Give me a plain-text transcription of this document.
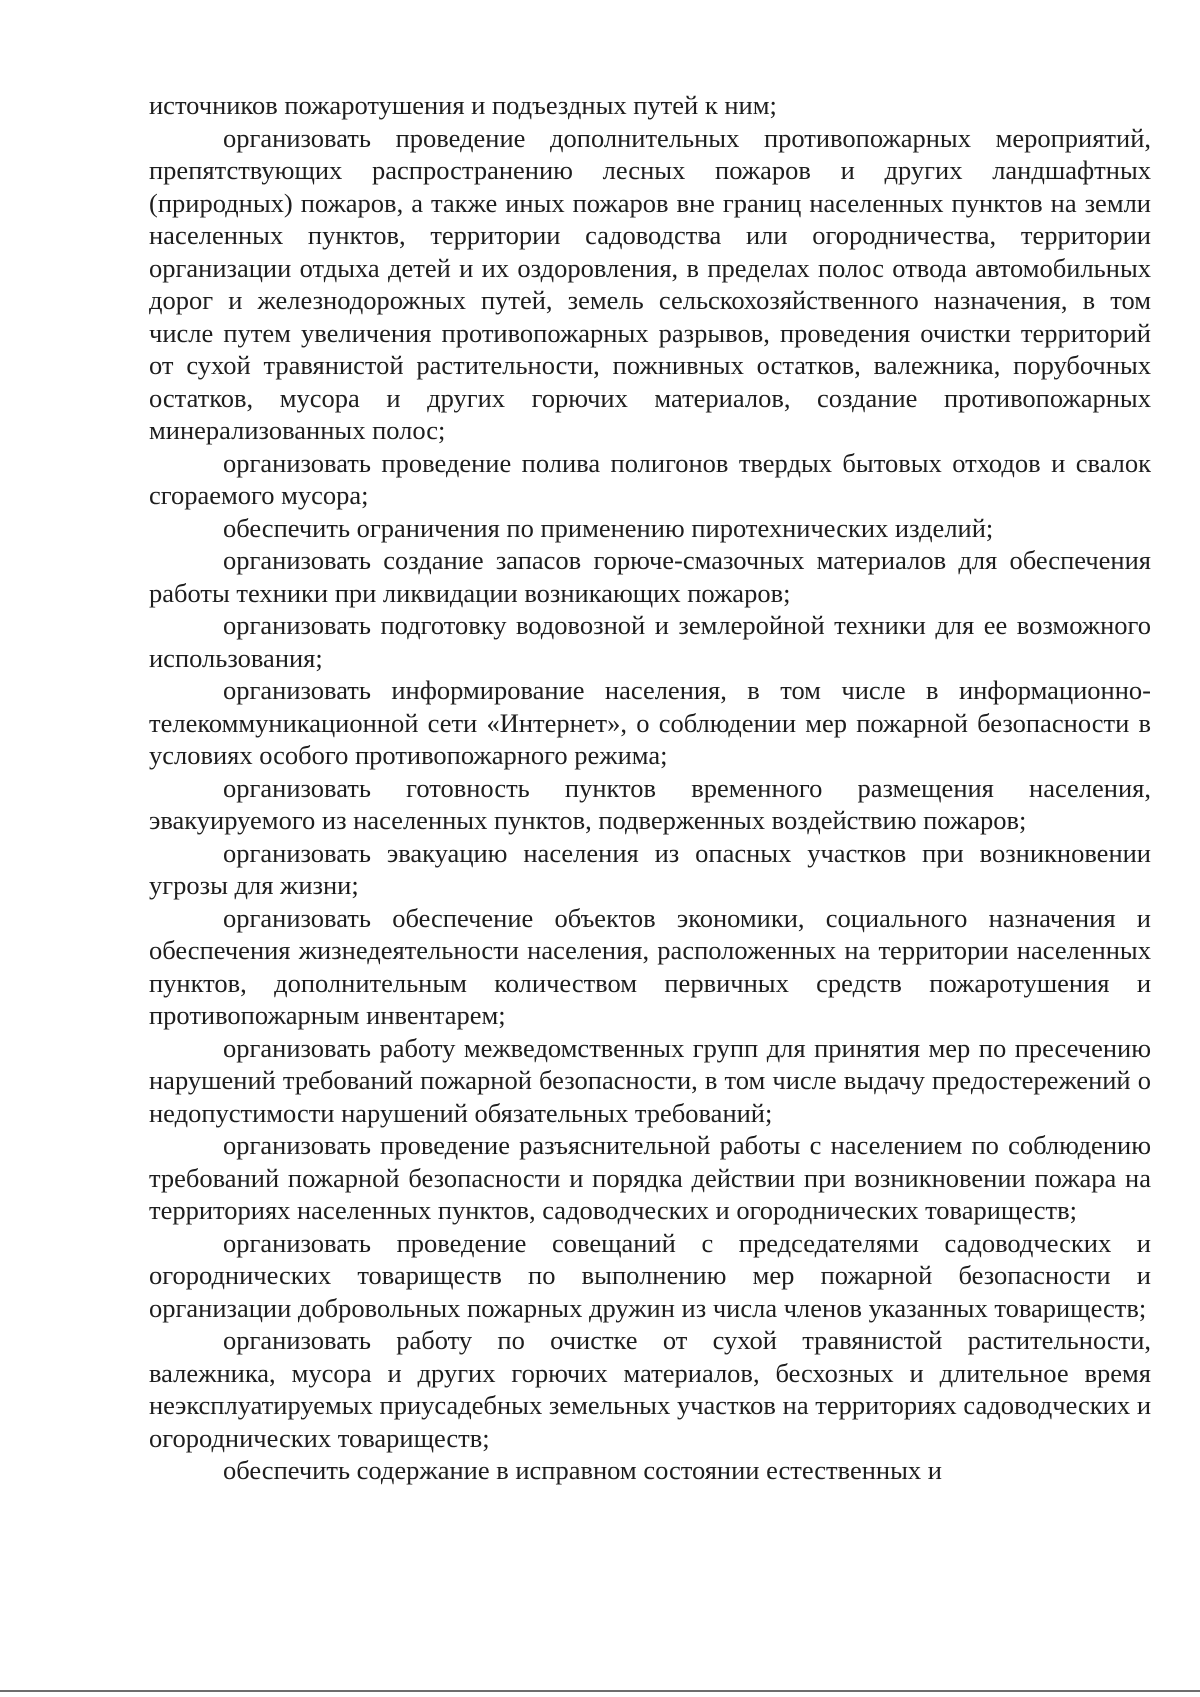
источников пожаротушения и подъездных путей к ним;

организовать проведение дополнительных противопожарных мероприятий, препятствующих распространению лесных пожаров и других ландшафтных (природных) пожаров, а также иных пожаров вне границ населенных пунктов на земли населенных пунктов, территории садоводства или огородничества, территории организации отдыха детей и их оздоровления, в пределах полос отвода автомобильных дорог и железнодорожных путей, земель сельскохозяйственного назначения, в том числе путем увеличения противопожарных разрывов, проведения очистки территорий от сухой травянистой растительности, пожнивных остатков, валежника, порубочных остатков, мусора и других горючих материалов, создание противопожарных минерализованных полос;

организовать проведение полива полигонов твердых бытовых отходов и свалок сгораемого мусора;

обеспечить ограничения по применению пиротехнических изделий;

организовать создание запасов горюче-смазочных материалов для обеспечения работы техники при ликвидации возникающих пожаров;

организовать подготовку водовозной и землеройной техники для ее возможного использования;

организовать информирование населения, в том числе в информационно-телекоммуникационной сети «Интернет», о соблюдении мер пожарной безопасности в условиях особого противопожарного режима;

организовать готовность пунктов временного размещения населения, эвакуируемого из населенных пунктов, подверженных воздействию пожаров;

организовать эвакуацию населения из опасных участков при возникновении угрозы для жизни;

организовать обеспечение объектов экономики, социального назначения и обеспечения жизнедеятельности населения, расположенных на территории населенных пунктов, дополнительным количеством первичных средств пожаротушения и противопожарным инвентарем;

организовать работу межведомственных групп для принятия мер по пресечению нарушений требований пожарной безопасности, в том числе выдачу предостережений о недопустимости нарушений обязательных требований;

организовать проведение разъяснительной работы с населением по соблюдению требований пожарной безопасности и порядка действии при возникновении пожара на территориях населенных пунктов, садоводческих и огороднических товариществ;

организовать проведение совещаний с председателями садоводческих и огороднических товариществ по выполнению мер пожарной безопасности и организации добровольных пожарных дружин из числа членов указанных товариществ;

организовать работу по очистке от сухой травянистой растительности, валежника, мусора и других горючих материалов, бесхозных и длительное время неэксплуатируемых приусадебных земельных участков на территориях садоводческих и огороднических товариществ;

обеспечить содержание в исправном состоянии естественных и
